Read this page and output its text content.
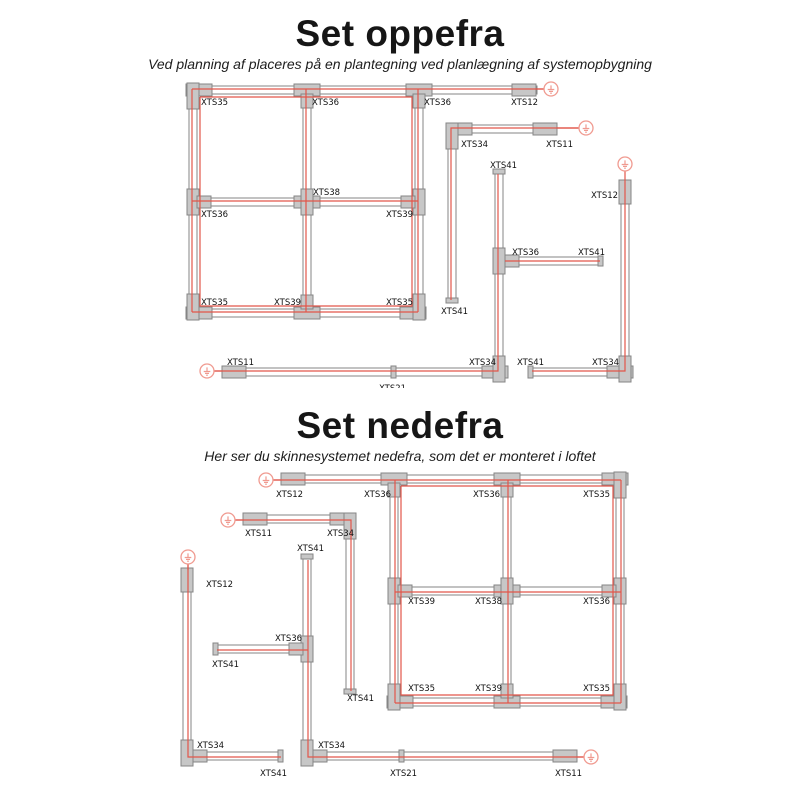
Set oppefra
Ved planning af placeres på en plantegning ved planlægning af systemopbygning
Set nedefra
Her ser du skinnesystemet nedefra, som det er monteret i loftet
XTS35	XTS36	XTS36	XTS12
XTS34	XTS11
XTS41
XTS12
XTS38
XTS36	XTS39
XTS36	XTS41
XTS35	XTS39	XTS35
XTS41
XTS11	XTS34 XTS41	XTS34
XTS12	XTS36	XTS36	XTS35
XTS11	XTS34
XTS41
XTS12
XTS39	XTS38	XTS36
XTS36
XTS41
XTS35	XTS39	XTS35
XTS41
XTS34	XTS34
XTS41	XTS21	XTS11
